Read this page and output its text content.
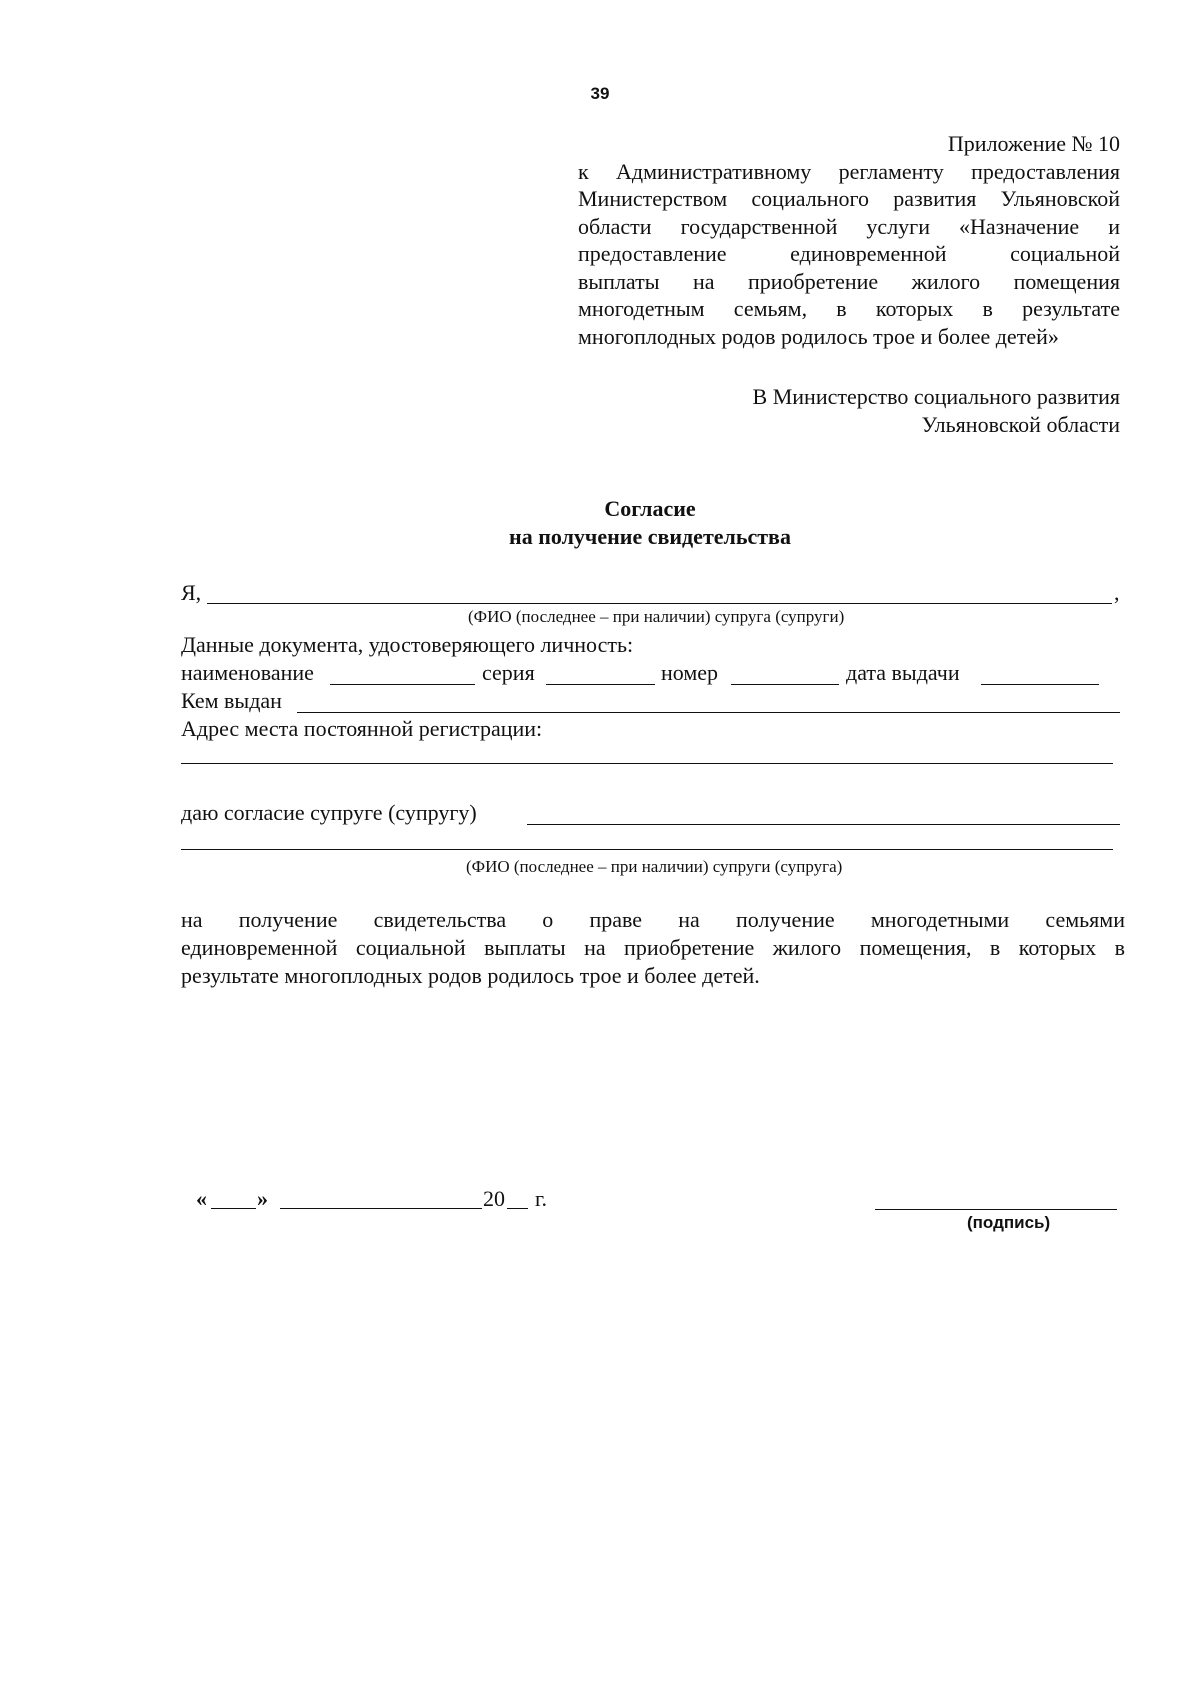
39
Приложение № 10
к Административному регламенту предоставления
Министерством социального развития Ульяновской
области государственной услуги «Назначение и
предоставление единовременной социальной
выплаты на приобретение жилого помещения
многодетным семьям, в которых в результате
многоплодных родов родилось трое и более детей»
В Министерство социального развития
Ульяновской области
Согласие
на получение свидетельства
Я,	,
(ФИО (последнее – при наличии) супруга (супруги)
Данные документа, удостоверяющего личность:
наименование	серия	номер	дата выдачи
Кем выдан
Адрес места постоянной регистрации:
даю согласие супруге (супругу)
(ФИО (последнее – при наличии) супруги (супруга)
на получение свидетельства о праве на получение многодетными семьями
единовременной социальной выплаты на приобретение жилого помещения, в которых в
результате многоплодных родов родилось трое и более детей.
« »	20 г.
(подпись)
